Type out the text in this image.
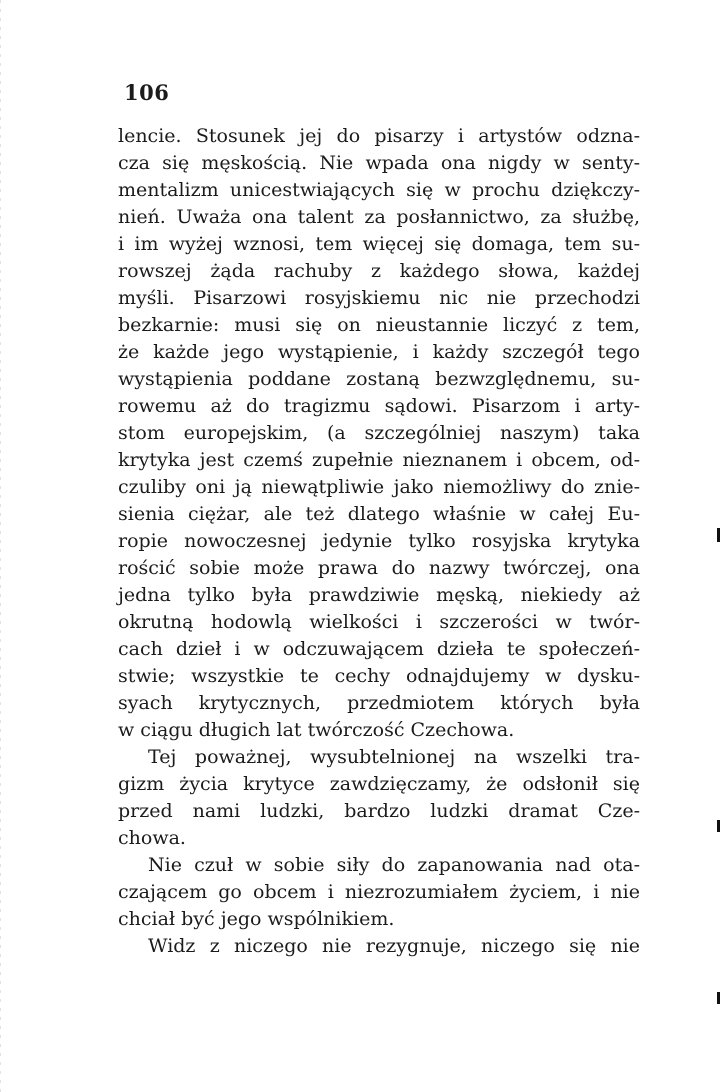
106
lencie. Stosunek jej do pisarzy i artystów odzna-
cza się męskością. Nie wpada ona nigdy w senty-
mentalizm unicestwiających się w prochu dziękczy-
nień. Uważa ona talent za posłannictwo, za służbę,
i im wyżej wznosi, tem więcej się domaga, tem su-
rowszej żąda rachuby z każdego słowa, każdej
myśli. Pisarzowi rosyjskiemu nic nie przechodzi
bezkarnie: musi się on nieustannie liczyć z tem,
że każde jego wystąpienie, i każdy szczegół tego
wystąpienia poddane zostaną bezwzględnemu, su-
rowemu aż do tragizmu sądowi. Pisarzom i arty-
stom europejskim, (a szczególniej naszym) taka
krytyka jest czemś zupełnie nieznanem i obcem, od-
czuliby oni ją niewątpliwie jako niemożliwy do znie-
sienia ciężar, ale też dlatego właśnie w całej Eu-
ropie nowoczesnej jedynie tylko rosyjska krytyka
rościć sobie może prawa do nazwy twórczej, ona
jedna tylko była prawdziwie męską, niekiedy aż
okrutną hodowlą wielkości i szczerości w twór-
cach dzieł i w odczuwającem dzieła te społeczeń-
stwie; wszystkie te cechy odnajdujemy w dysku-
syach krytycznych, przedmiotem których była
w ciągu długich lat twórczość Czechowa.
Tej poważnej, wysubtelnionej na wszelki tra-
gizm życia krytyce zawdzięczamy, że odsłonił się
przed nami ludzki, bardzo ludzki dramat Cze-
chowa.
Nie czuł w sobie siły do zapanowania nad ota-
czającem go obcem i niezrozumiałem życiem, i nie
chciał być jego wspólnikiem.
Widz z niczego nie rezygnuje, niczego się nie
